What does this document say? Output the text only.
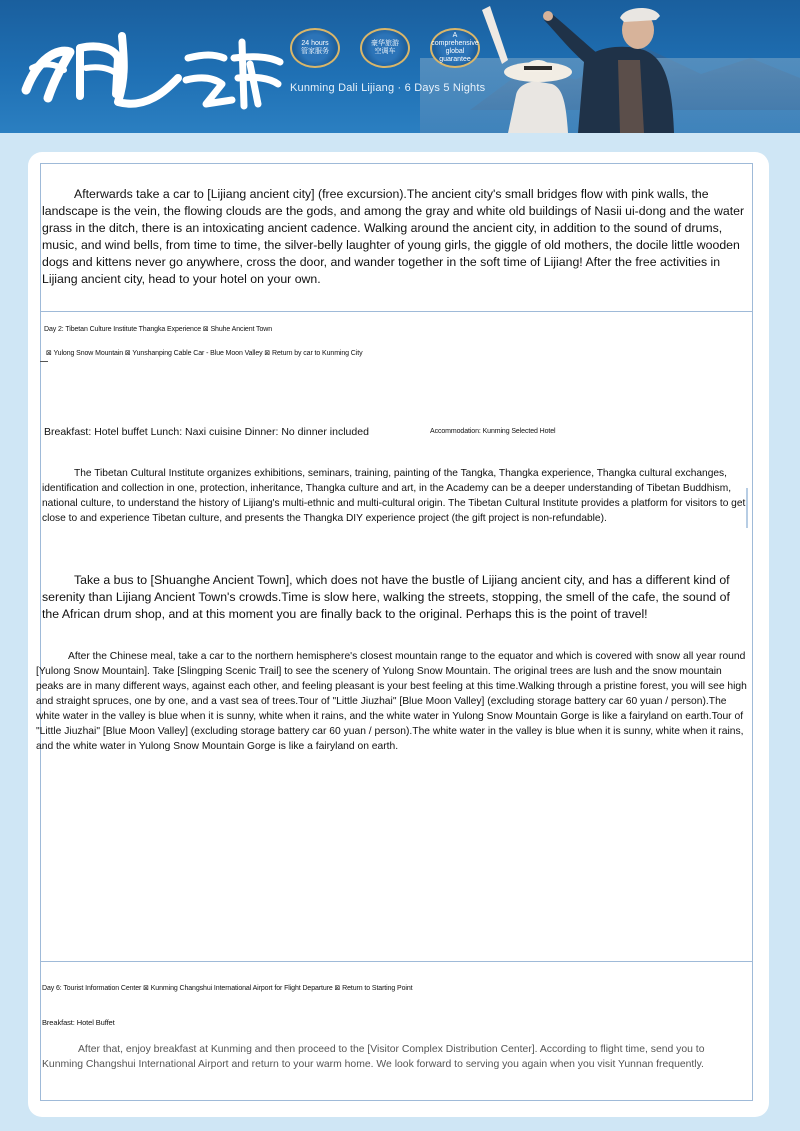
魄 云南
24 hours
管家服务
豪华旅游
空调车
A comprehensive
global guarantee
Kunming Dali Lijiang · 6 Days 5 Nights
Afterwards take a car to [Lijiang ancient city] (free excursion).The ancient city's small bridges flow with pink walls, the landscape is the vein, the flowing clouds are the gods, and among the gray and white old buildings of Nasii ui-dong and the water grass in the ditch, there is an intoxicating ancient cadence. Walking around the ancient city, in addition to the sound of drums, music, and wind bells, from time to time, the silver-belly laughter of young girls, the giggle of old mothers, the docile little wooden dogs and kittens never go anywhere, cross the door, and wander together in the soft time of Lijiang! After the free activities in Lijiang ancient city, head to your hotel on your own.
Day 2: Tibetan Culture Institute Thangka Experience ⊠ Shuhe Ancient Town
⊠ Yulong Snow Mountain ⊠ Yunshanping Cable Car - Blue Moon Valley ⊠ Return by car to Kunming City
Breakfast: Hotel buffet Lunch: Naxi cuisine Dinner: No dinner included	Accommodation: Kunming Selected Hotel
The Tibetan Cultural Institute organizes exhibitions, seminars, training, painting of the Tangka, Thangka experience, Thangka cultural exchanges, identification and collection in one, protection, inheritance, Thangka culture and art, in the Academy can be a deeper understanding of Tibetan Buddhism, national culture, to understand the history of Lijiang's multi-ethnic and multi-cultural origin. The Tibetan Cultural Institute provides a platform for visitors to get close to and experience Tibetan culture, and presents the Thangka DIY experience project (the gift project is non-refundable).
Take a bus to [Shuanghe Ancient Town], which does not have the bustle of Lijiang ancient city, and has a different kind of serenity than Lijiang Ancient Town's crowds.Time is slow here, walking the streets, stopping, the smell of the cafe, the sound of the African drum shop, and at this moment you are finally back to the original. Perhaps this is the point of travel!
After the Chinese meal, take a car to the northern hemisphere's closest mountain range to the equator and which is covered with snow all year round [Yulong Snow Mountain]. Take [Slingping Scenic Trail] to see the scenery of Yulong Snow Mountain. The original trees are lush and the snow mountain peaks are in many different ways, against each other, and feeling pleasant is your best feeling at this time.Walking through a pristine forest, you will see high and straight spruces, one by one, and a vast sea of trees.Tour of "Little Jiuzhai" [Blue Moon Valley] (excluding storage battery car 60 yuan / person).The white water in the valley is blue when it is sunny, white when it rains, and the white water in Yulong Snow Mountain Gorge is like a fairyland on earth.Tour of "Little Jiuzhai" [Blue Moon Valley] (excluding storage battery car 60 yuan / person).The white water in the valley is blue when it is sunny, white when it rains, and the white water in Yulong Snow Mountain Gorge is like a fairyland on earth.
Day 6: Tourist Information Center ⊠ Kunming Changshui International Airport for Flight Departure ⊠ Return to Starting Point
Breakfast: Hotel Buffet
After that, enjoy breakfast at Kunming and then proceed to the [Visitor Complex Distribution Center]. According to flight time, send you to Kunming Changshui International Airport and return to your warm home. We look forward to serving you again when you visit Yunnan frequently.
